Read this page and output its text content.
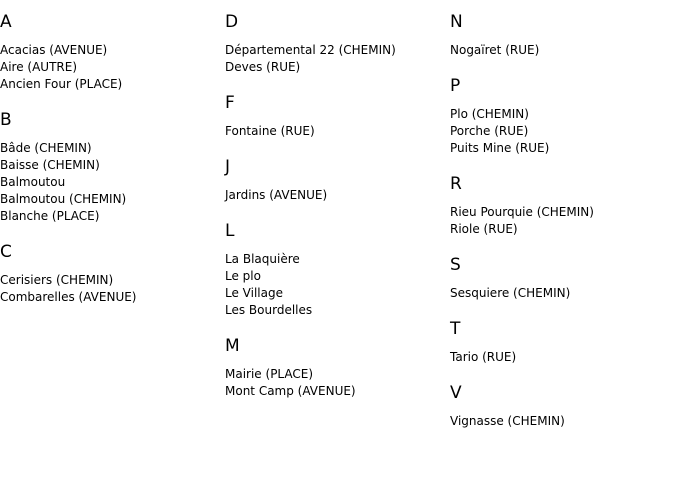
A
Acacias (AVENUE)
Aire (AUTRE)
Ancien Four (PLACE)
B
Bâde (CHEMIN)
Baisse (CHEMIN)
Balmoutou
Balmoutou (CHEMIN)
Blanche (PLACE)
C
Cerisiers (CHEMIN)
Combarelles (AVENUE)
D
Départemental 22 (CHEMIN)
Deves (RUE)
F
Fontaine (RUE)
J
Jardins (AVENUE)
L
La Blaquière
Le plo
Le Village
Les Bourdelles
M
Mairie (PLACE)
Mont Camp (AVENUE)
N
Nogaïret (RUE)
P
Plo (CHEMIN)
Porche (RUE)
Puits Mine (RUE)
R
Rieu Pourquie (CHEMIN)
Riole (RUE)
S
Sesquiere (CHEMIN)
T
Tario (RUE)
V
Vignasse (CHEMIN)
